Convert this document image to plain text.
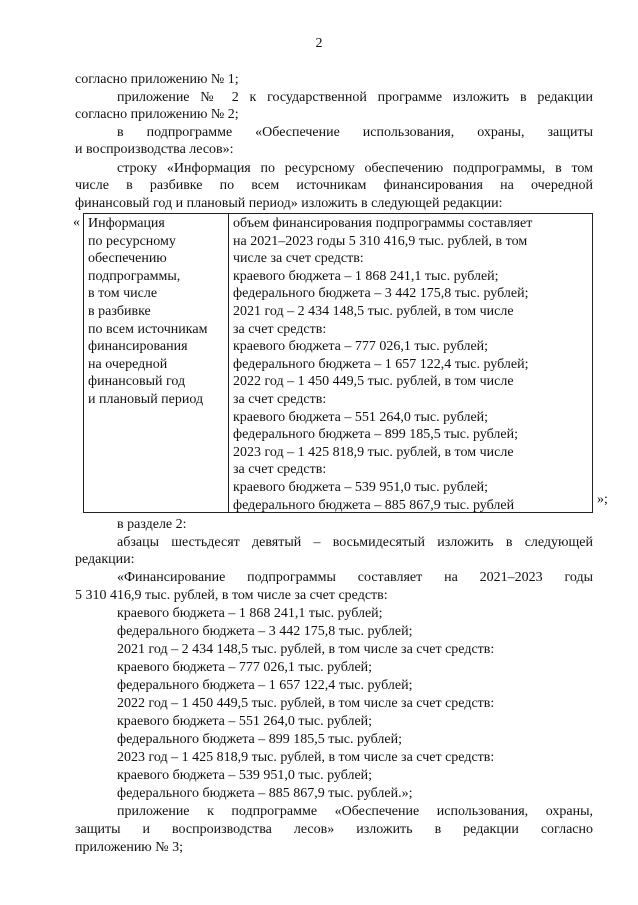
2
согласно приложению № 1;
приложение № 2 к государственной программе изложить в редакции
согласно приложению № 2;
в подпрограмме «Обеспечение использования, охраны, защиты
и воспроизводства лесов»:
строку «Информация по ресурсному обеспечению подпрограммы, в том
числе в разбивке по всем источникам финансирования на очередной
финансовый год и плановый период» изложить в следующей редакции:
«
»;
Информация
по ресурсному
обеспечению
подпрограммы,
в том числе
в разбивке
по всем источникам
финансирования
на очередной
финансовый год
и плановый период
объем финансирования подпрограммы составляет
на 2021–2023 годы 5 310 416,9 тыс. рублей, в том
числе за счет средств:
краевого бюджета – 1 868 241,1 тыс. рублей;
федерального бюджета – 3 442 175,8 тыс. рублей;
2021 год – 2 434 148,5 тыс. рублей, в том числе
за счет средств:
краевого бюджета – 777 026,1 тыс. рублей;
федерального бюджета – 1 657 122,4 тыс. рублей;
2022 год – 1 450 449,5 тыс. рублей, в том числе
за счет средств:
краевого бюджета – 551 264,0 тыс. рублей;
федерального бюджета – 899 185,5 тыс. рублей;
2023 год – 1 425 818,9 тыс. рублей, в том числе
за счет средств:
краевого бюджета – 539 951,0 тыс. рублей;
федерального бюджета – 885 867,9 тыс. рублей
в разделе 2:
абзацы шестьдесят девятый – восьмидесятый изложить в следующей
редакции:
«Финансирование подпрограммы составляет на 2021–2023 годы
5 310 416,9 тыс. рублей, в том числе за счет средств:
краевого бюджета – 1 868 241,1 тыс. рублей;
федерального бюджета – 3 442 175,8 тыс. рублей;
2021 год – 2 434 148,5 тыс. рублей, в том числе за счет средств:
краевого бюджета – 777 026,1 тыс. рублей;
федерального бюджета – 1 657 122,4 тыс. рублей;
2022 год – 1 450 449,5 тыс. рублей, в том числе за счет средств:
краевого бюджета – 551 264,0 тыс. рублей;
федерального бюджета – 899 185,5 тыс. рублей;
2023 год – 1 425 818,9 тыс. рублей, в том числе за счет средств:
краевого бюджета – 539 951,0 тыс. рублей;
федерального бюджета – 885 867,9 тыс. рублей.»;
приложение к подпрограмме «Обеспечение использования, охраны,
защиты и воспроизводства лесов» изложить в редакции согласно
приложению № 3;
